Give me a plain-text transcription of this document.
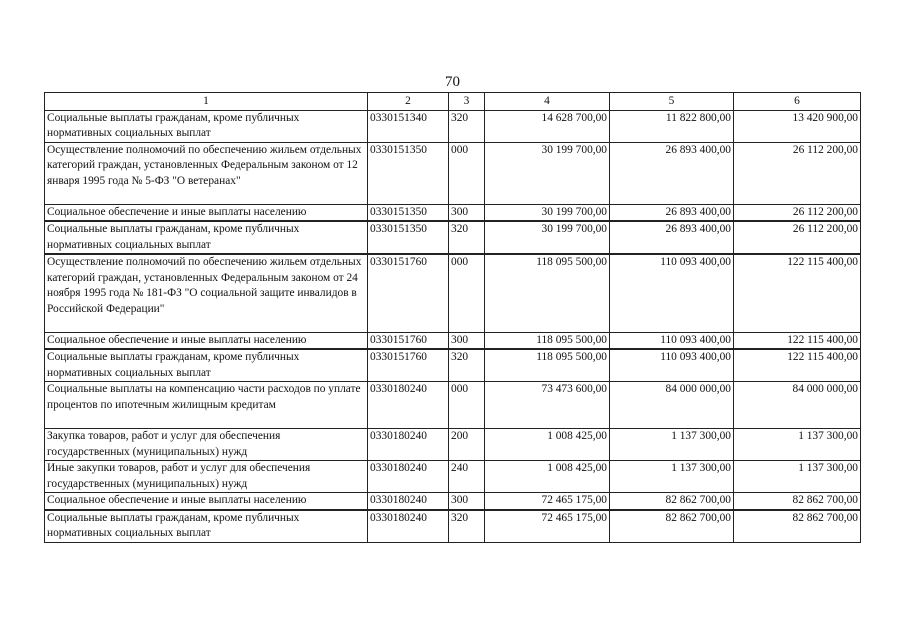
70
1	2	3	4	5	6
Социальные выплаты гражданам, кроме публичных нормативных социальных выплат	0330151340	320	14 628 700,00	11 822 800,00	13 420 900,00
Осуществление полномочий по обеспечению жильем отдельных категорий граждан, установленных Федеральным законом от 12 января 1995 года № 5-ФЗ "О ветеранах"	0330151350	000	30 199 700,00	26 893 400,00	26 112 200,00
Социальное обеспечение и иные выплаты населению	0330151350	300	30 199 700,00	26 893 400,00	26 112 200,00
Социальные выплаты гражданам, кроме публичных нормативных социальных выплат	0330151350	320	30 199 700,00	26 893 400,00	26 112 200,00
Осуществление полномочий по обеспечению жильем отдельных категорий граждан, установленных Федеральным законом от 24 ноября 1995 года № 181-ФЗ "О социальной защите инвалидов в Российской Федерации"	0330151760	000	118 095 500,00	110 093 400,00	122 115 400,00
Социальное обеспечение и иные выплаты населению	0330151760	300	118 095 500,00	110 093 400,00	122 115 400,00
Социальные выплаты гражданам, кроме публичных нормативных социальных выплат	0330151760	320	118 095 500,00	110 093 400,00	122 115 400,00
Социальные выплаты на компенсацию части расходов по уплате процентов по ипотечным жилищным кредитам	0330180240	000	73 473 600,00	84 000 000,00	84 000 000,00
Закупка товаров, работ и услуг для обеспечения государственных (муниципальных) нужд	0330180240	200	1 008 425,00	1 137 300,00	1 137 300,00
Иные закупки товаров, работ и услуг для обеспечения государственных (муниципальных) нужд	0330180240	240	1 008 425,00	1 137 300,00	1 137 300,00
Социальное обеспечение и иные выплаты населению	0330180240	300	72 465 175,00	82 862 700,00	82 862 700,00
Социальные выплаты гражданам, кроме публичных нормативных социальных выплат	0330180240	320	72 465 175,00	82 862 700,00	82 862 700,00
